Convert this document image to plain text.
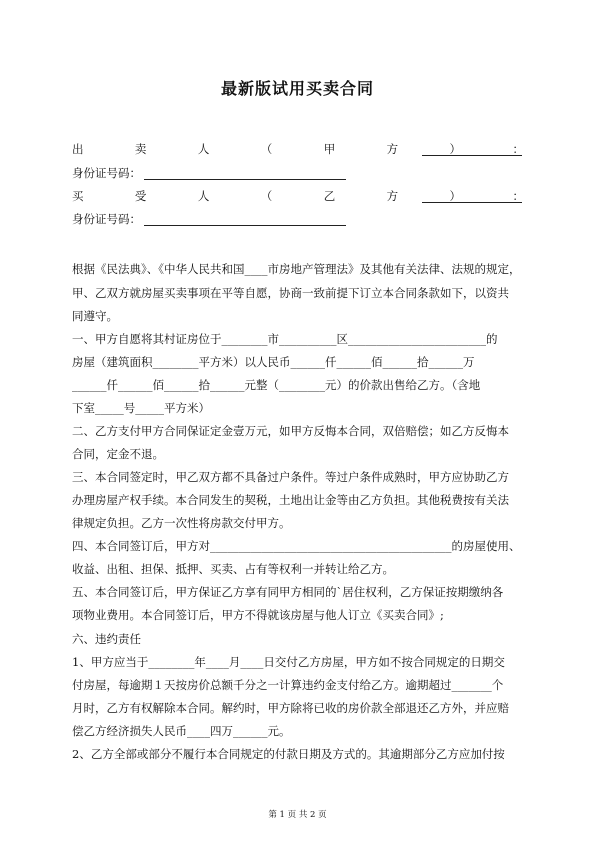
最新版试用买卖合同
出	卖	人	（	甲	方	）	：
身份证号码：
买	受	人	（	乙	方	）	：
身份证号码：
根据《民法典》、《中华人民共和国____市房地产管理法》及其他有关法律、法规的规定，
甲、乙双方就房屋买卖事项在平等自愿，协商一致前提下订立本合同条款如下，以资共
同遵守。
一、甲方自愿将其村证房位于________市__________区________________________的
房屋（建筑面积________平方米）以人民币______仟______佰______拾______万
______仟______佰______拾______元整（________元）的价款出售给乙方。（含地
下室_____号_____平方米）
二、乙方支付甲方合同保证定金壹万元，如甲方反悔本合同，双倍赔偿；如乙方反悔本
合同，定金不退。
三、本合同签定时，甲乙双方都不具备过户条件。等过户条件成熟时，甲方应协助乙方
办理房屋产权手续。本合同发生的契税，土地出让金等由乙方负担。其他税费按有关法
律规定负担。乙方一次性将房款交付甲方。
四、本合同签订后，甲方对__________________________________________的房屋使用、
收益、出租、担保、抵押、买卖、占有等权利一并转让给乙方。
五、本合同签订后，甲方保证乙方享有同甲方相同的`居住权利，乙方保证按期缴纳各
项物业费用。本合同签订后，甲方不得就该房屋与他人订立《买卖合同》;
六、违约责任
1、甲方应当于________年____月____日交付乙方房屋，甲方如不按合同规定的日期交
付房屋，每逾期１天按房价总额千分之一计算违约金支付给乙方。逾期超过_______个
月时，乙方有权解除本合同。解约时，甲方除将已收的房价款全部退还乙方外，并应赔
偿乙方经济损失人民币____四万______元。
2、乙方全部或部分不履行本合同规定的付款日期及方式的。其逾期部分乙方应加付按
第 1 页 共 2 页
